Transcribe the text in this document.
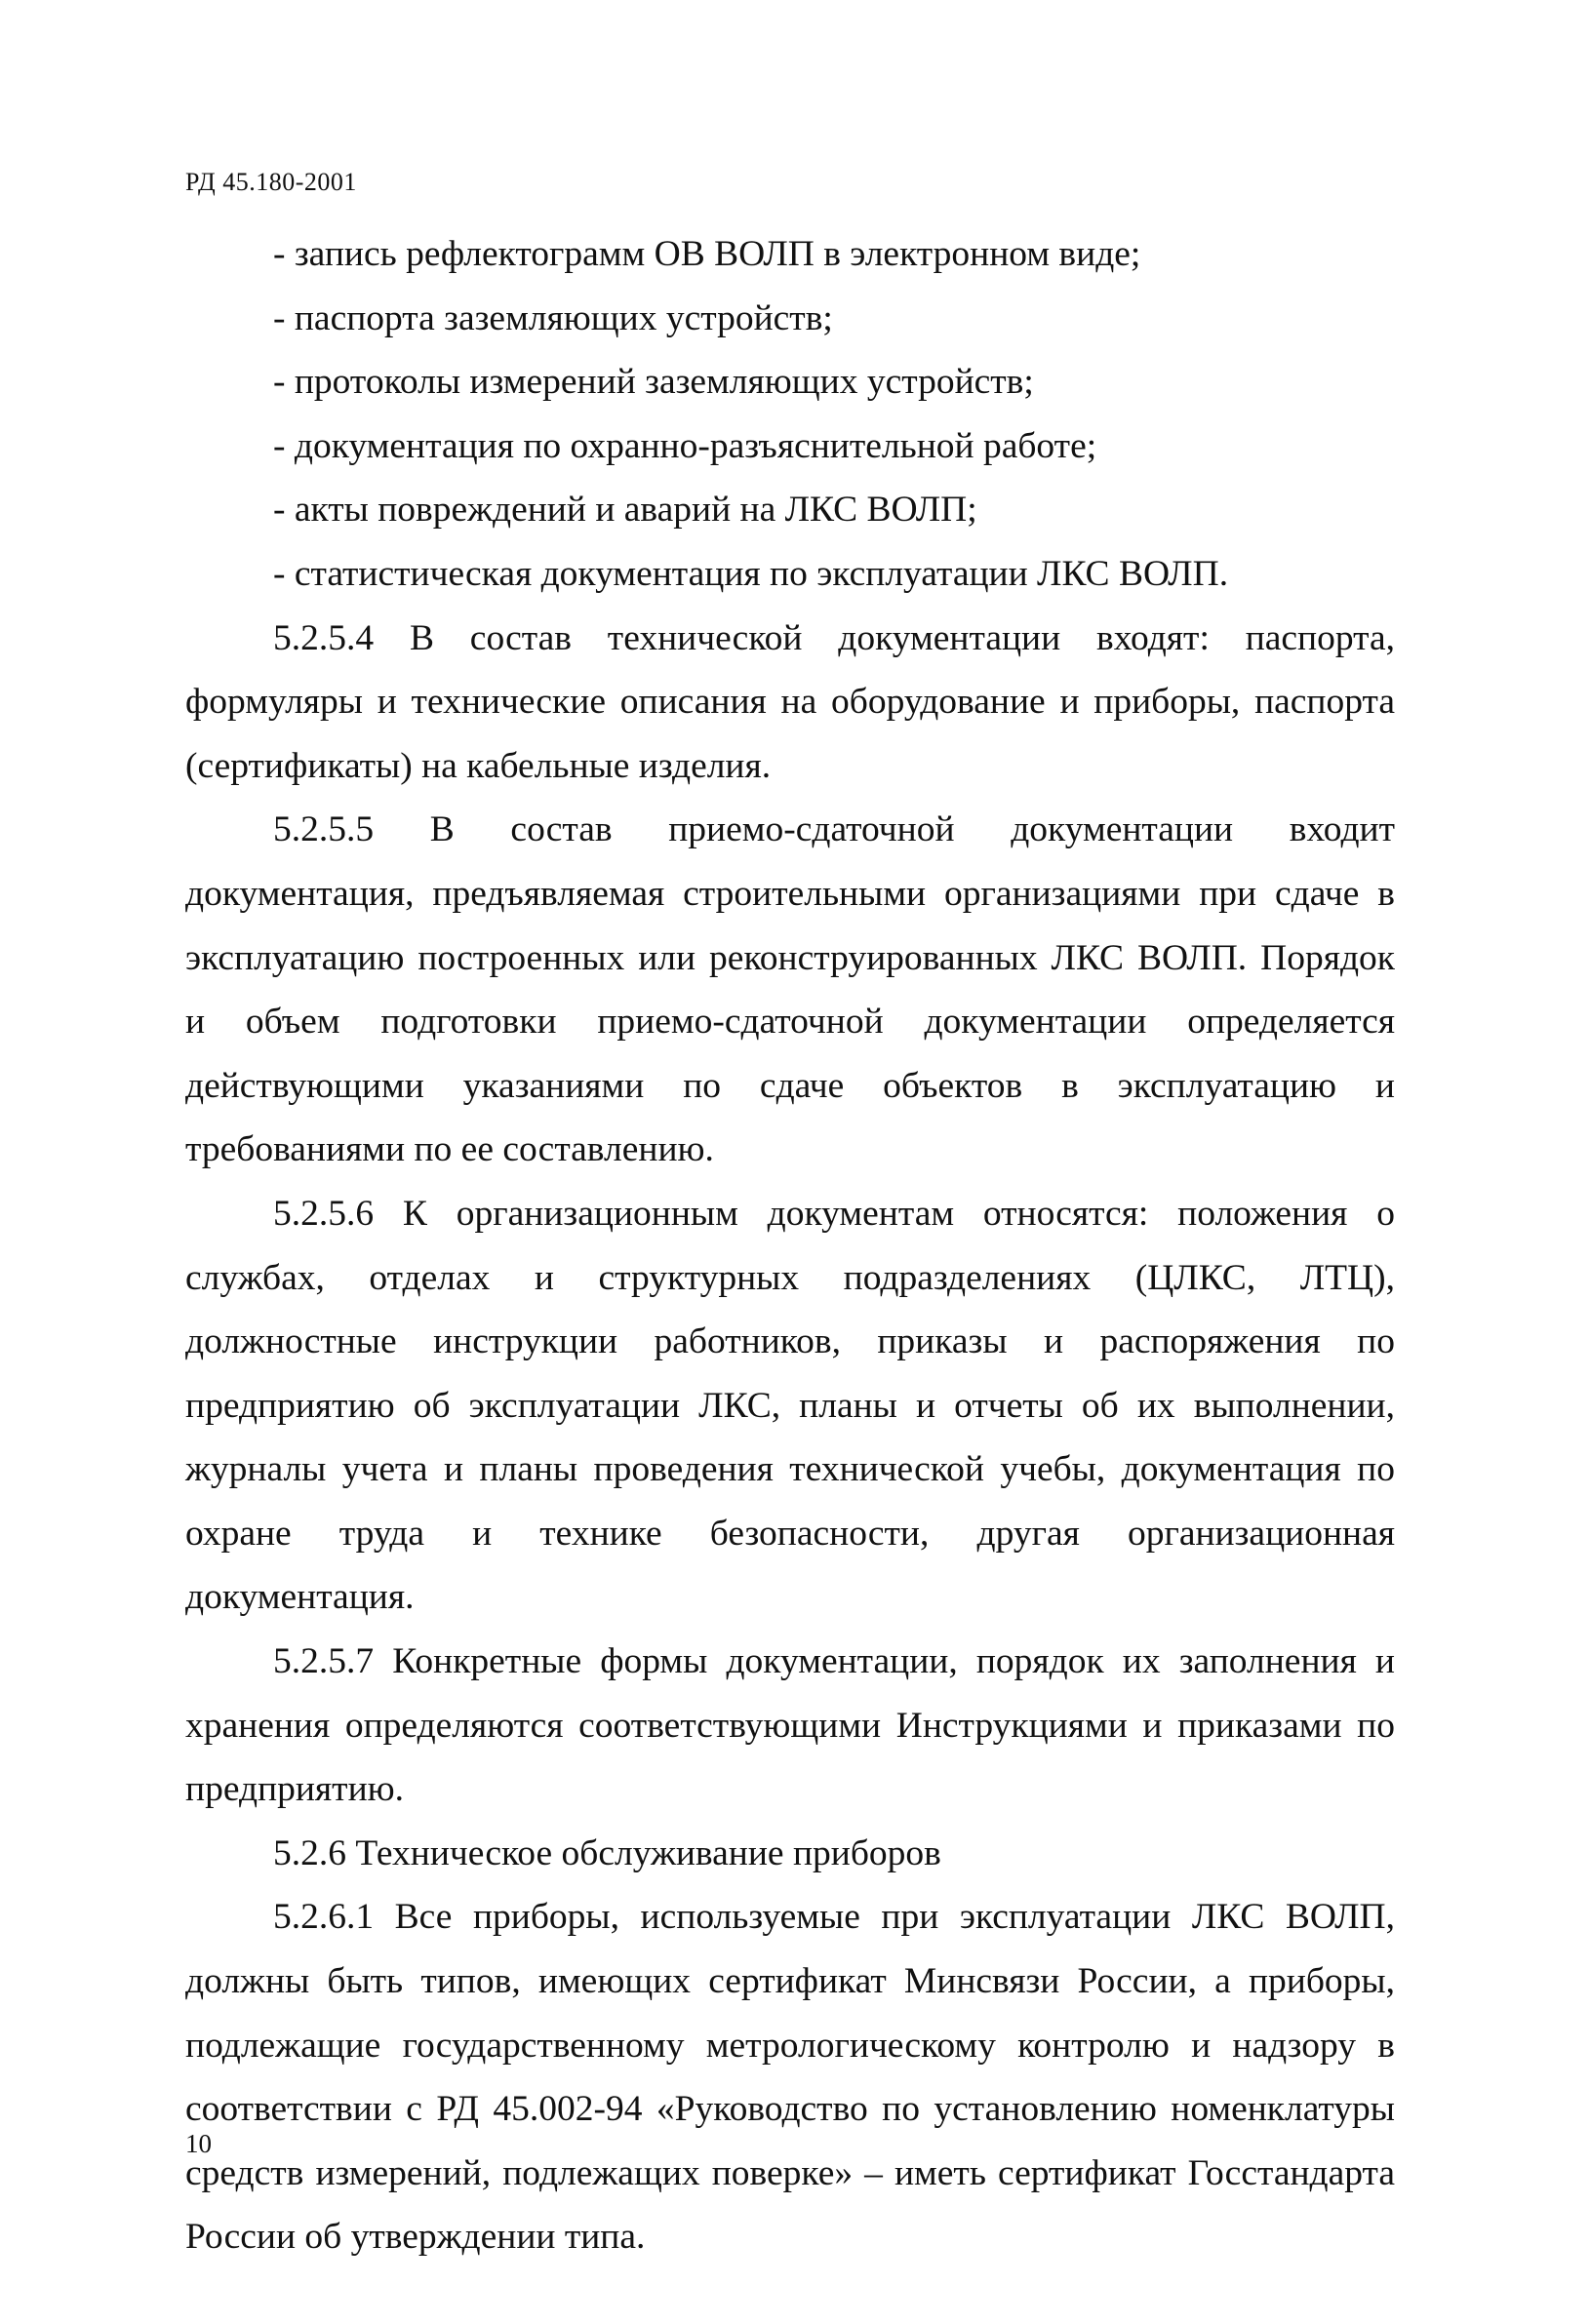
РД 45.180-2001

- запись рефлектограмм ОВ ВОЛП в электронном виде;

- паспорта заземляющих устройств;

- протоколы измерений заземляющих устройств;

- документация по охранно-разъяснительной работе;

- акты повреждений и аварий на ЛКС ВОЛП;

- статистическая документация по эксплуатации ЛКС ВОЛП.

5.2.5.4 В состав технической документации входят: паспорта, формуляры и технические описания на оборудование и приборы, паспорта (сертификаты) на кабельные изделия.

5.2.5.5 В состав приемо-сдаточной документации входит документация, предъявляемая строительными организациями при сдаче в эксплуатацию построенных или реконструированных ЛКС ВОЛП. Порядок и объем подготовки приемо-сдаточной документации определяется действующими указаниями по сдаче объектов в эксплуатацию и требованиями по ее составлению.

5.2.5.6 К организационным документам относятся: положения о службах, отделах и структурных подразделениях (ЦЛКС, ЛТЦ), должностные инструкции работников, приказы и распоряжения по предприятию об эксплуатации ЛКС, планы и отчеты об их выполнении, журналы учета и планы проведения технической учебы, документация по охране труда и технике безопасности, другая организационная документация.

5.2.5.7 Конкретные формы документации, порядок их заполнения и хранения определяются соответствующими Инструкциями и приказами по предприятию.

5.2.6 Техническое обслуживание приборов

5.2.6.1 Все приборы, используемые при эксплуатации ЛКС ВОЛП, должны быть типов, имеющих сертификат Минсвязи России, а приборы, подлежащие государственному метрологическому контролю и надзору в соответствии с РД 45.002-94 «Руководство по установлению номенклатуры средств измерений, подлежащих поверке» – иметь сертификат Госстандарта России об утверждении типа.

10
